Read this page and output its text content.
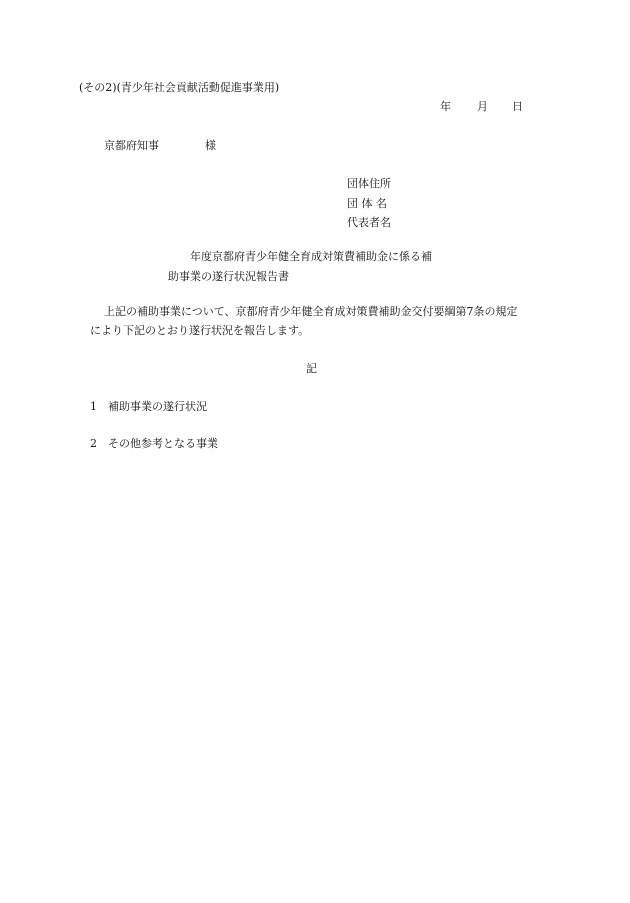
(その2)(青少年社会貢献活動促進事業用)
年 月 日
京都府知事	様
団体住所
団 体 名
代表者名
年度京都府青少年健全育成対策費補助金に係る補
助事業の遂行状況報告書
上記の補助事業について、京都府青少年健全育成対策費補助金交付要綱第7条の規定
により下記のとおり遂行状況を報告します。
記
1 補助事業の遂行状況
2 その他参考となる事業
